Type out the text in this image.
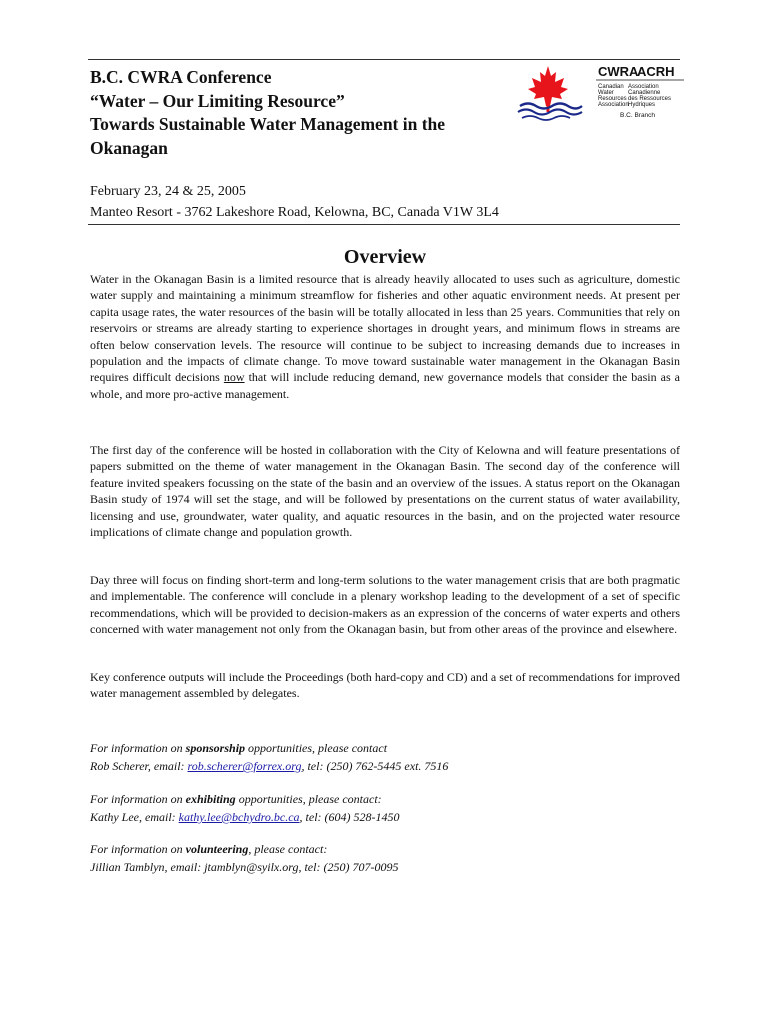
B.C. CWRA Conference
“Water – Our Limiting Resource”
Towards Sustainable Water Management in the
Okanagan
CWRA
ACRH
Canadian
Water
Resources
Association
Association
Canadienne
des Ressources
Hydriques
B.C. Branch
February 23, 24 & 25, 2005
Manteo Resort - 3762 Lakeshore Road, Kelowna, BC, Canada V1W 3L4
Overview

Water in the Okanagan Basin is a limited resource that is already heavily allocated to uses such as agriculture, domestic water supply and maintaining a minimum streamflow for fisheries and other aquatic environment needs. At present per capita usage rates, the water resources of the basin will be totally allocated in less than 25 years. Communities that rely on reservoirs or streams are already starting to experience shortages in drought years, and minimum flows in streams are often below conservation levels. The resource will continue to be subject to increasing demands due to increases in population and the impacts of climate change. To move toward sustainable water management in the Okanagan Basin requires difficult decisions now that will include reducing demand, new governance models that consider the basin as a whole, and more pro-active management.

The first day of the conference will be hosted in collaboration with the City of Kelowna and will feature presentations of papers submitted on the theme of water management in the Okanagan Basin. The second day of the conference will feature invited speakers focussing on the state of the basin and an overview of the issues. A status report on the Okanagan Basin study of 1974 will set the stage, and will be followed by presentations on the current status of water availability, licensing and use, groundwater, water quality, and aquatic resources in the basin, and on the projected water resource implications of climate change and population growth.

Day three will focus on finding short-term and long-term solutions to the water management crisis that are both pragmatic and implementable. The conference will conclude in a plenary workshop leading to the development of a set of specific recommendations, which will be provided to decision-makers as an expression of the concerns of water experts and others concerned with water management not only from the Okanagan basin, but from other areas of the province and elsewhere.

Key conference outputs will include the Proceedings (both hard-copy and CD) and a set of recommendations for improved water management assembled by delegates.

For information on sponsorship opportunities, please contact
Rob Scherer, email: rob.scherer@forrex.org, tel: (250) 762-5445 ext. 7516
For information on exhibiting opportunities, please contact:
Kathy Lee, email: kathy.lee@bchydro.bc.ca, tel: (604) 528-1450
For information on volunteering, please contact:
Jillian Tamblyn, email: jtamblyn@syilx.org, tel: (250) 707-0095
